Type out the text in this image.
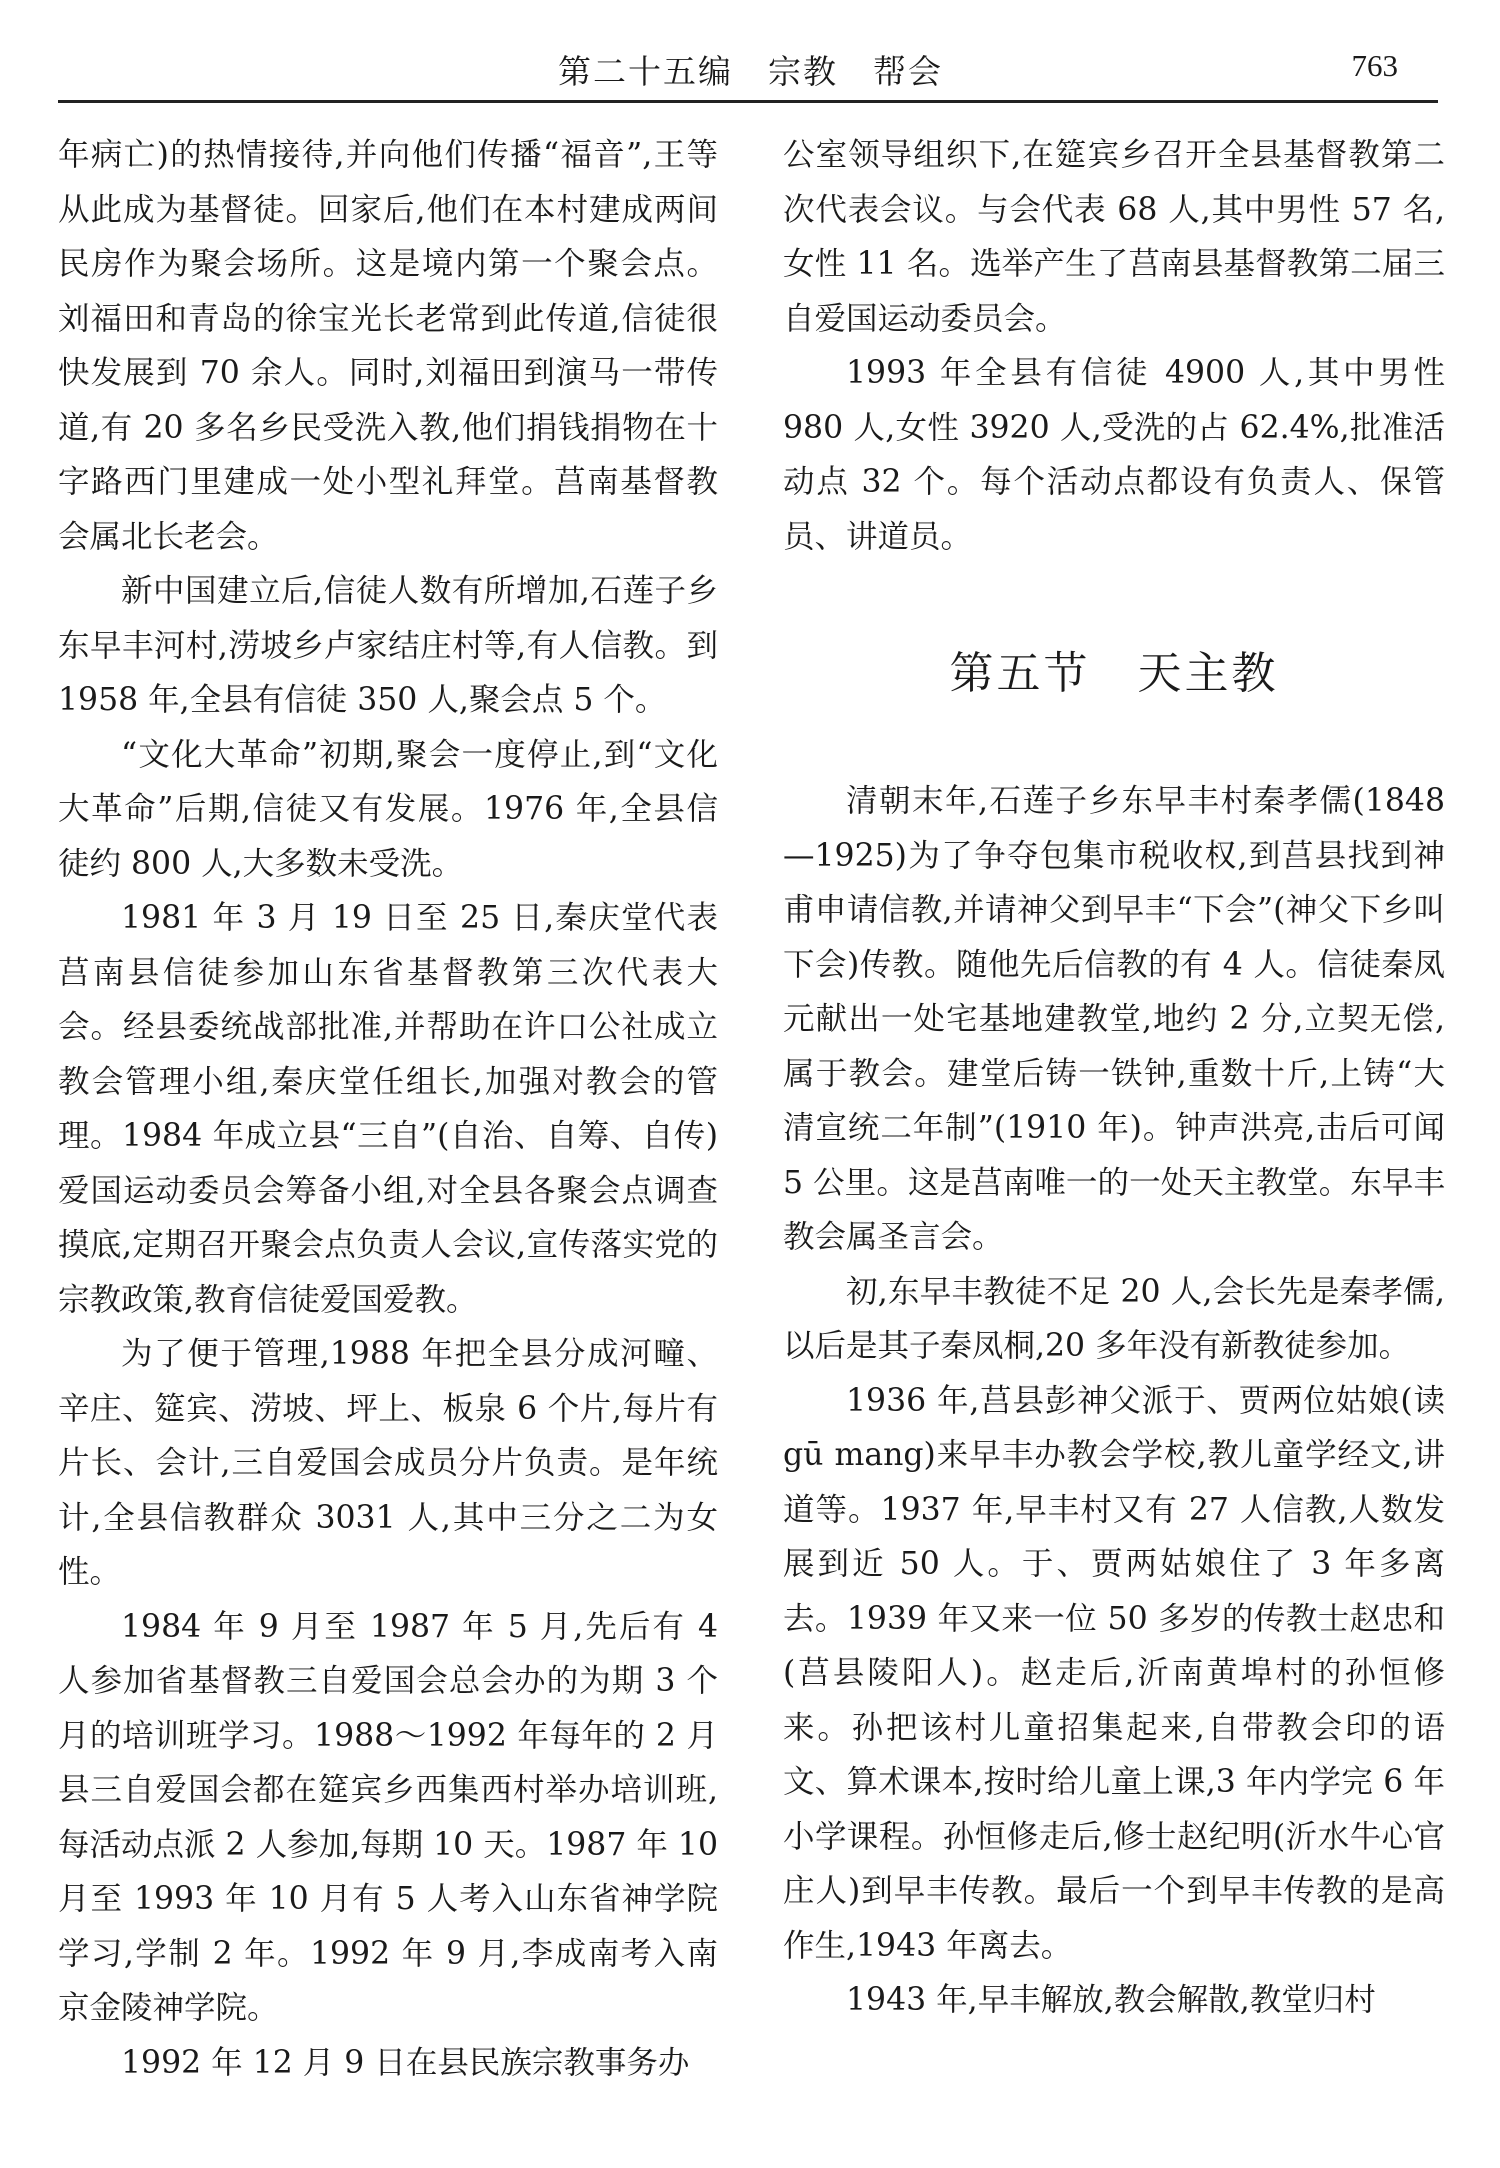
第二十五编　宗教　帮会	763

年病亡)的热情接待,并向他们传播“福音”,王等从此成为基督徒。回家后,他们在本村建成两间民房作为聚会场所。这是境内第一个聚会点。刘福田和青岛的徐宝光长老常到此传道,信徒很快发展到 70 余人。同时,刘福田到演马一带传道,有 20 多名乡民受洗入教,他们捐钱捐物在十字路西门里建成一处小型礼拜堂。莒南基督教会属北长老会。

新中国建立后,信徒人数有所增加,石莲子乡东早丰河村,涝坡乡卢家结庄村等,有人信教。到 1958 年,全县有信徒 350 人,聚会点 5 个。

“文化大革命”初期,聚会一度停止,到“文化大革命”后期,信徒又有发展。1976 年,全县信徒约 800 人,大多数未受洗。

1981 年 3 月 19 日至 25 日,秦庆堂代表莒南县信徒参加山东省基督教第三次代表大会。经县委统战部批准,并帮助在许口公社成立教会管理小组,秦庆堂任组长,加强对教会的管理。1984 年成立县“三自”(自治、自筹、自传)爱国运动委员会筹备小组,对全县各聚会点调查摸底,定期召开聚会点负责人会议,宣传落实党的宗教政策,教育信徒爱国爱教。

为了便于管理,1988 年把全县分成河疃、辛庄、筵宾、涝坡、坪上、板泉 6 个片,每片有片长、会计,三自爱国会成员分片负责。是年统计,全县信教群众 3031 人,其中三分之二为女性。

1984 年 9 月至 1987 年 5 月,先后有 4 人参加省基督教三自爱国会总会办的为期 3 个月的培训班学习。1988～1992 年每年的 2 月县三自爱国会都在筵宾乡西集西村举办培训班,每活动点派 2 人参加,每期 10 天。1987 年 10 月至 1993 年 10 月有 5 人考入山东省神学院学习,学制 2 年。1992 年 9 月,李成南考入南京金陵神学院。

1992 年 12 月 9 日在县民族宗教事务办

公室领导组织下,在筵宾乡召开全县基督教第二次代表会议。与会代表 68 人,其中男性 57 名,女性 11 名。选举产生了莒南县基督教第二届三自爱国运动委员会。

1993 年全县有信徒 4900 人,其中男性 980 人,女性 3920 人,受洗的占 62.4%,批准活动点 32 个。每个活动点都设有负责人、保管员、讲道员。

第五节　天主教

清朝末年,石莲子乡东早丰村秦孝儒(1848—1925)为了争夺包集市税收权,到莒县找到神甫申请信教,并请神父到早丰“下会”(神父下乡叫下会)传教。随他先后信教的有 4 人。信徒秦凤元献出一处宅基地建教堂,地约 2 分,立契无偿,属于教会。建堂后铸一铁钟,重数十斤,上铸“大清宣统二年制”(1910 年)。钟声洪亮,击后可闻 5 公里。这是莒南唯一的一处天主教堂。东早丰教会属圣言会。

初,东早丰教徒不足 20 人,会长先是秦孝儒,以后是其子秦凤桐,20 多年没有新教徒参加。

1936 年,莒县彭神父派于、贾两位姑娘(读 gū mang)来早丰办教会学校,教儿童学经文,讲道等。1937 年,早丰村又有 27 人信教,人数发展到近 50 人。于、贾两姑娘住了 3 年多离去。1939 年又来一位 50 多岁的传教士赵忠和(莒县陵阳人)。赵走后,沂南黄埠村的孙恒修来。孙把该村儿童招集起来,自带教会印的语文、算术课本,按时给儿童上课,3 年内学完 6 年小学课程。孙恒修走后,修士赵纪明(沂水牛心官庄人)到早丰传教。最后一个到早丰传教的是高作生,1943 年离去。

1943 年,早丰解放,教会解散,教堂归村
